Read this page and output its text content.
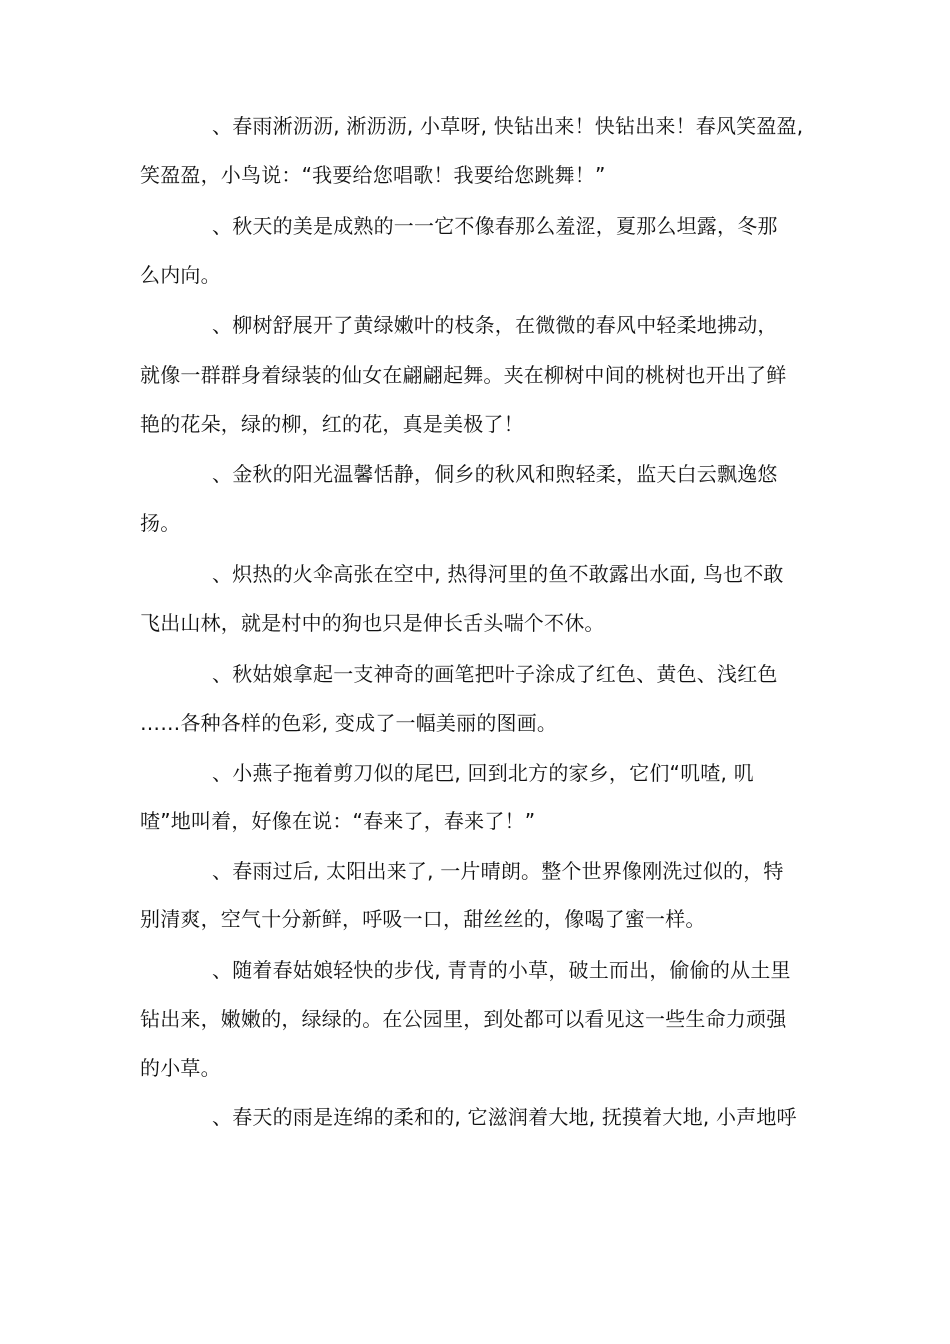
、春雨淅沥沥, 淅沥沥, 小草呀, 快钻出来！快钻出来！春风笑盈盈,
笑盈盈，小鸟说：“我要给您唱歌！我要给您跳舞！”
、秋天的美是成熟的一一它不像春那么羞涩，夏那么坦露，冬那
么内向。
、柳树舒展开了黄绿嫩叶的枝条，在微微的春风中轻柔地拂动，
就像一群群身着绿装的仙女在翩翩起舞。夹在柳树中间的桃树也开出了鲜
艳的花朵，绿的柳，红的花，真是美极了！
、金秋的阳光温馨恬静，侗乡的秋风和煦轻柔，监天白云飘逸悠
扬。
、炽热的火伞高张在空中, 热得河里的鱼不敢露出水面, 鸟也不敢
飞出山林，就是村中的狗也只是伸长舌头喘个不休。
、秋姑娘拿起一支神奇的画笔把叶子涂成了红色、黄色、浅红色
……各种各样的色彩, 变成了一幅美丽的图画。
、小燕子拖着剪刀似的尾巴, 回到北方的家乡，它们“叽喳, 叽
喳”地叫着，好像在说：“春来了，春来了！”
、春雨过后, 太阳出来了, 一片晴朗。整个世界像刚洗过似的，特
别清爽，空气十分新鲜，呼吸一口，甜丝丝的，像喝了蜜一样。
、随着春姑娘轻快的步伐, 青青的小草，破土而出，偷偷的从土里
钻出来，嫩嫩的，绿绿的。在公园里，到处都可以看见这一些生命力顽强
的小草。
、春天的雨是连绵的柔和的, 它滋润着大地, 抚摸着大地, 小声地呼
